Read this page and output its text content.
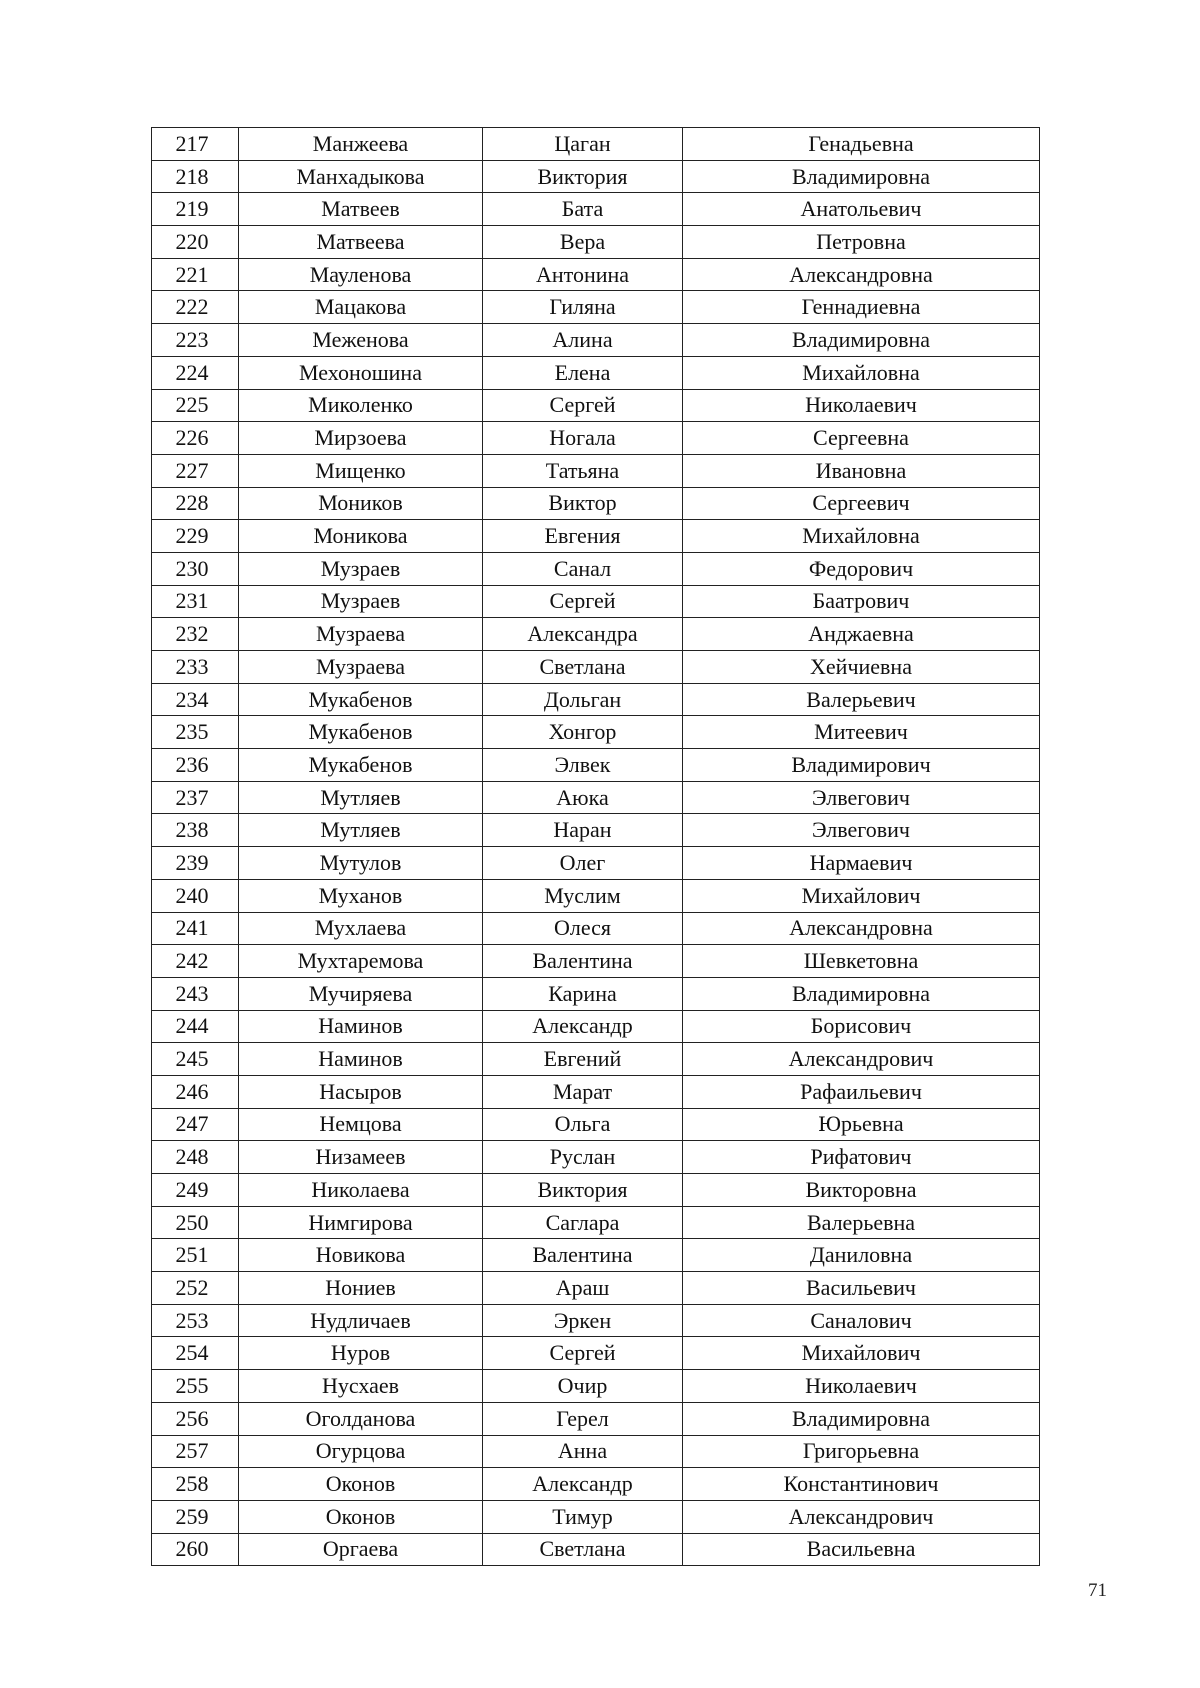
217	Манжеева	Цаган	Генадьевна
218	Манхадыкова	Виктория	Владимировна
219	Матвеев	Бата	Анатольевич
220	Матвеева	Вера	Петровна
221	Мауленова	Антонина	Александровна
222	Мацакова	Гиляна	Геннадиевна
223	Меженова	Алина	Владимировна
224	Мехоношина	Елена	Михайловна
225	Миколенко	Сергей	Николаевич
226	Мирзоева	Ногала	Сергеевна
227	Мищенко	Татьяна	Ивановна
228	Моников	Виктор	Сергеевич
229	Моникова	Евгения	Михайловна
230	Музраев	Санал	Федорович
231	Музраев	Сергей	Баатрович
232	Музраева	Александра	Анджаевна
233	Музраева	Светлана	Хейчиевна
234	Мукабенов	Дольган	Валерьевич
235	Мукабенов	Хонгор	Митеевич
236	Мукабенов	Элвек	Владимирович
237	Мутляев	Аюка	Элвегович
238	Мутляев	Наран	Элвегович
239	Мутулов	Олег	Нармаевич
240	Муханов	Муслим	Михайлович
241	Мухлаева	Олеся	Александровна
242	Мухтаремова	Валентина	Шевкетовна
243	Мучиряева	Карина	Владимировна
244	Наминов	Александр	Борисович
245	Наминов	Евгений	Александрович
246	Насыров	Марат	Рафаильевич
247	Немцова	Ольга	Юрьевна
248	Низамеев	Руслан	Рифатович
249	Николаева	Виктория	Викторовна
250	Нимгирова	Саглара	Валерьевна
251	Новикова	Валентина	Даниловна
252	Нониев	Араш	Васильевич
253	Нудличаев	Эркен	Саналович
254	Нуров	Сергей	Михайлович
255	Нусхаев	Очир	Николаевич
256	Оголданова	Герел	Владимировна
257	Огурцова	Анна	Григорьевна
258	Оконов	Александр	Константинович
259	Оконов	Тимур	Александрович
260	Оргаева	Светлана	Васильевна
71
